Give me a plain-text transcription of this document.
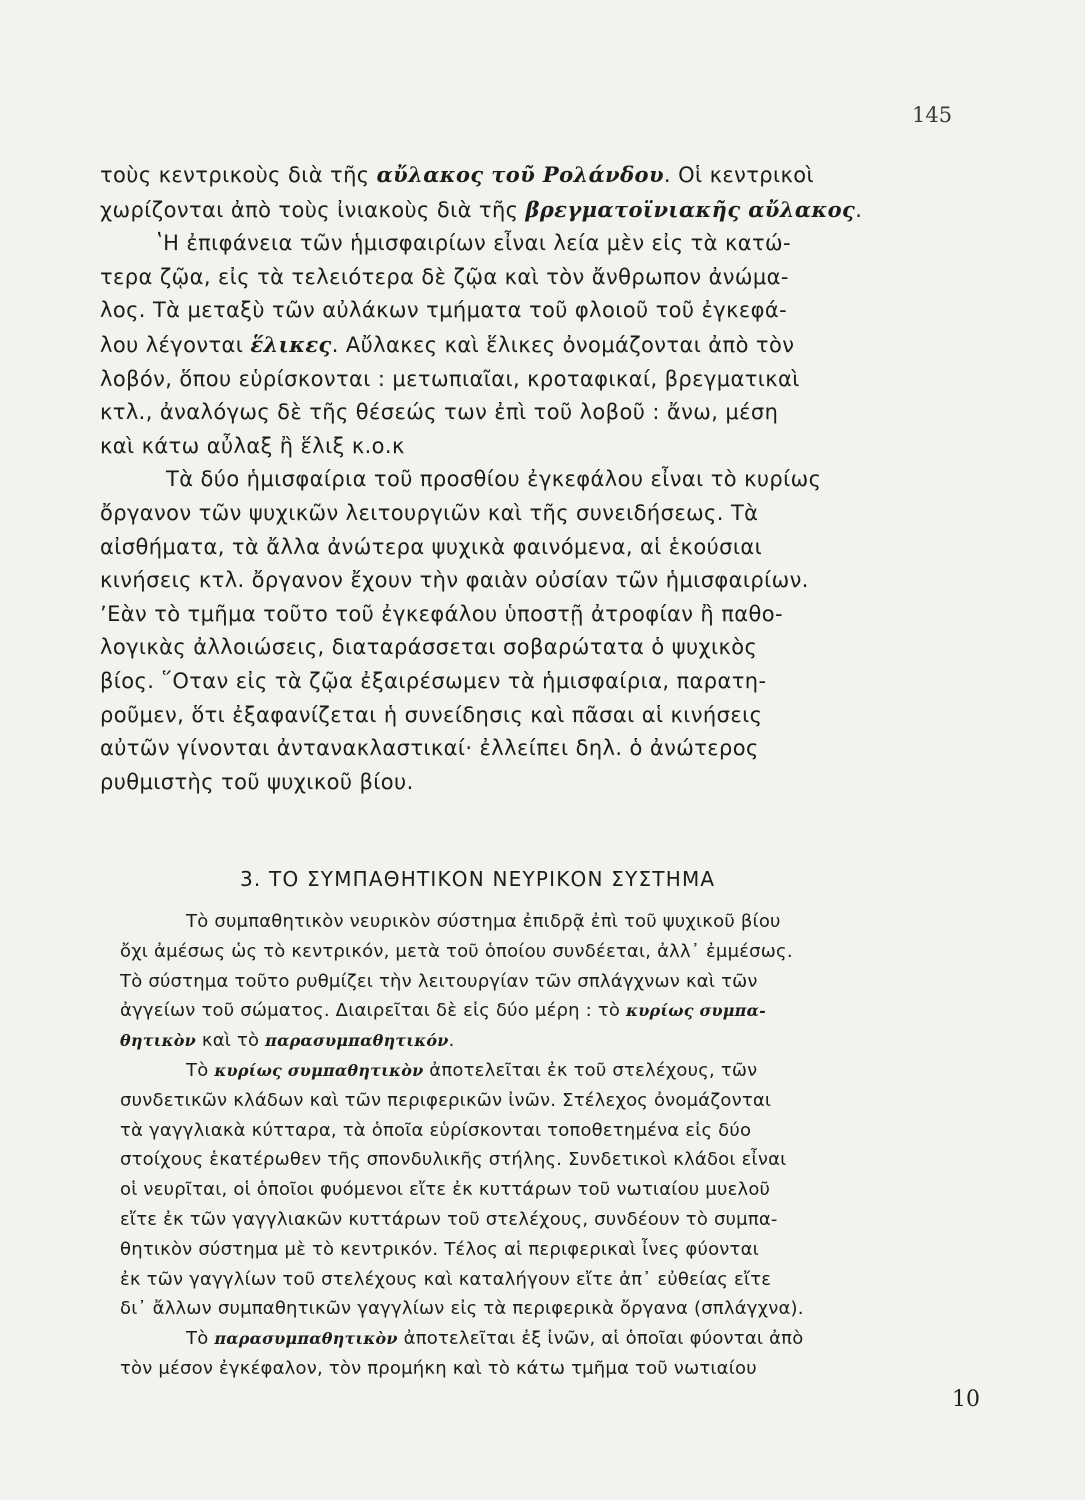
145
τοὺς κεντρικοὺς διὰ τῆς αὔλακος τοῦ Ρολάνδου. Οἱ κεντρικοὶ
χωρίζονται ἀπὸ τοὺς ἰνιακοὺς διὰ τῆς βρεγματοϊνιακῆς αὔλακος.
ʽΗ ἐπιφάνεια τῶν ἡμισφαιρίων εἶναι λεία μὲν εἰς τὰ κατώ-
τερα ζῷα, εἰς τὰ τελειότερα δὲ ζῷα καὶ τὸν ἄνθρωπον ἀνώμα-
λος. Τὰ μεταξὺ τῶν αὐλάκων τμήματα τοῦ φλοιοῦ τοῦ ἐγκεφά-
λου λέγονται ἕλικες. Αὔλακες καὶ ἕλικες ὀνομάζονται ἀπὸ τὸν
λοβόν, ὅπου εὑρίσκονται : μετωπιαῖαι, κροταφικαί, βρεγματικαὶ
κτλ., ἀναλόγως δὲ τῆς θέσεώς των ἐπὶ τοῦ λοβοῦ : ἄνω, μέση
καὶ κάτω αὖλαξ ἢ ἕλιξ κ.ο.κ
Τὰ δύο ἡμισφαίρια τοῦ προσθίου ἐγκεφάλου εἶναι τὸ κυρίως
ὄργανον τῶν ψυχικῶν λειτουργιῶν καὶ τῆς συνειδήσεως. Τὰ
αἰσθήματα, τὰ ἄλλα ἀνώτερα ψυχικὰ φαινόμενα, αἱ ἑκούσιαι
κινήσεις κτλ. ὄργανον ἔχουν τὴν φαιὰν οὐσίαν τῶν ἡμισφαιρίων.
ʼΕὰν τὸ τμῆμα τοῦτο τοῦ ἐγκεφάλου ὑποστῇ ἀτροφίαν ἢ παθο-
λογικὰς ἀλλοιώσεις, διαταράσσεται σοβαρώτατα ὁ ψυχικὸς
βίος. ῞Οταν εἰς τὰ ζῷα ἐξαιρέσωμεν τὰ ἡμισφαίρια, παρατη-
ροῦμεν, ὅτι ἐξαφανίζεται ἡ συνείδησις καὶ πᾶσαι αἱ κινήσεις
αὐτῶν γίνονται ἀντανακλαστικαί· ἐλλείπει δηλ. ὁ ἀνώτερος
ρυθμιστὴς τοῦ ψυχικοῦ βίου.
3. ΤΟ ΣΥΜΠΑΘΗΤΙΚΟΝ ΝΕΥΡΙΚΟΝ ΣΥΣΤΗΜΑ
Τὸ συμπαθητικὸν νευρικὸν σύστημα ἐπιδρᾷ ἐπὶ τοῦ ψυχικοῦ βίου
ὄχι ἀμέσως ὡς τὸ κεντρικόν, μετὰ τοῦ ὁποίου συνδέεται, ἀλλ᾽ ἐμμέσως.
Τὸ σύστημα τοῦτο ρυθμίζει τὴν λειτουργίαν τῶν σπλάγχνων καὶ τῶν
ἀγγείων τοῦ σώματος. Διαιρεῖται δὲ εἰς δύο μέρη : τὸ κυρίως συμπα-
θητικὸν καὶ τὸ παρασυμπαθητικόν.
Τὸ κυρίως συμπαθητικὸν ἀποτελεῖται ἐκ τοῦ στελέχους, τῶν
συνδετικῶν κλάδων καὶ τῶν περιφερικῶν ἰνῶν. Στέλεχος ὀνομάζονται
τὰ γαγγλιακὰ κύτταρα, τὰ ὁποῖα εὑρίσκονται τοποθετημένα εἰς δύο
στοίχους ἑκατέρωθεν τῆς σπονδυλικῆς στήλης. Συνδετικοὶ κλάδοι εἶναι
οἱ νευρῖται, οἱ ὁποῖοι φυόμενοι εἴτε ἐκ κυττάρων τοῦ νωτιαίου μυελοῦ
εἴτε ἐκ τῶν γαγγλιακῶν κυττάρων τοῦ στελέχους, συνδέουν τὸ συμπα-
θητικὸν σύστημα μὲ τὸ κεντρικόν. Τέλος αἱ περιφερικαὶ ἶνες φύονται
ἐκ τῶν γαγγλίων τοῦ στελέχους καὶ καταλήγουν εἴτε ἀπ᾽ εὐθείας εἴτε
δι᾽ ἄλλων συμπαθητικῶν γαγγλίων εἰς τὰ περιφερικὰ ὄργανα (σπλάγχνα).
Τὸ παρασυμπαθητικὸν ἀποτελεῖται ἐξ ἰνῶν, αἱ ὁποῖαι φύονται ἀπὸ
τὸν μέσον ἐγκέφαλον, τὸν προμήκη καὶ τὸ κάτω τμῆμα τοῦ νωτιαίου
10
